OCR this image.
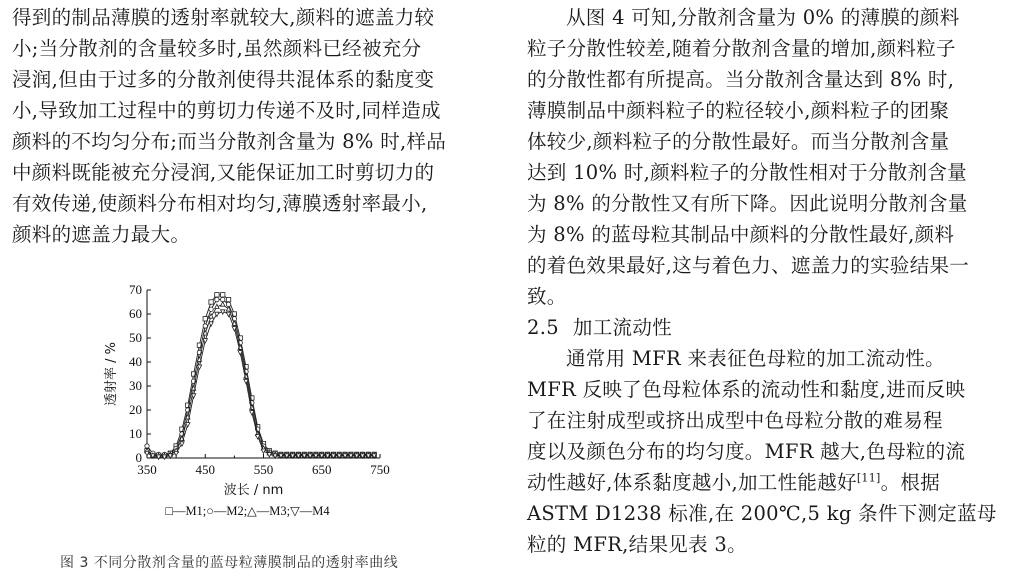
得到的制品薄膜的透射率就较大,颜料的遮盖力较
小;当分散剂的含量较多时,虽然颜料已经被充分
浸润,但由于过多的分散剂使得共混体系的黏度变
小,导致加工过程中的剪切力传递不及时,同样造成
颜料的不均匀分布;而当分散剂含量为 8% 时,样品
中颜料既能被充分浸润,又能保证加工时剪切力的
有效传递,使颜料分布相对均匀,薄膜透射率最小,
颜料的遮盖力最大。

0
10
20
30
40
50
60
70
350	450	550	650	750
透射率 / %
波长 / nm
□—M1;○—M2;△—M3;▽—M4
图 3 不同分散剂含量的蓝母粒薄膜制品的透射率曲线

从图 4 可知,分散剂含量为 0% 的薄膜的颜料
粒子分散性较差,随着分散剂含量的增加,颜料粒子
的分散性都有所提高。当分散剂含量达到 8% 时,
薄膜制品中颜料粒子的粒径较小,颜料粒子的团聚
体较少,颜料粒子的分散性最好。而当分散剂含量
达到 10% 时,颜料粒子的分散性相对于分散剂含量
为 8% 的分散性又有所下降。因此说明分散剂含量
为 8% 的蓝母粒其制品中颜料的分散性最好,颜料
的着色效果最好,这与着色力、遮盖力的实验结果一
致。

2.5 加工流动性

通常用 MFR 来表征色母粒的加工流动性。
MFR 反映了色母粒体系的流动性和黏度,进而反映
了在注射成型或挤出成型中色母粒分散的难易程
度以及颜色分布的均匀度。MFR 越大,色母粒的流
动性越好,体系黏度越小,加工性能越好[11]。根据
ASTM D1238 标准,在 200℃,5 kg 条件下测定蓝母
粒的 MFR,结果见表 3。
